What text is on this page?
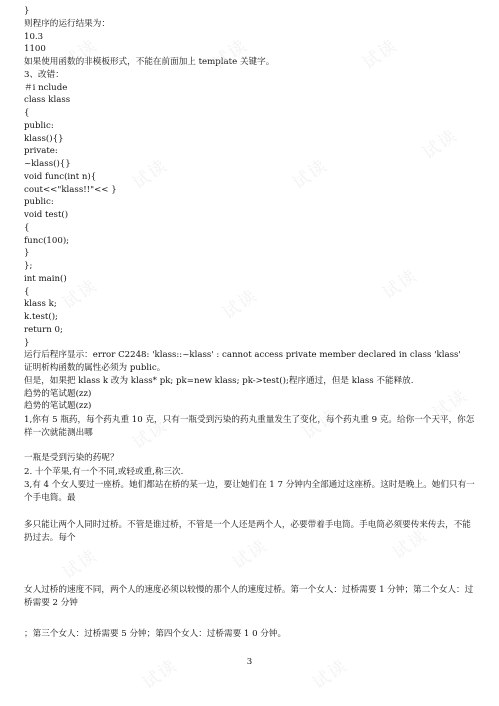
}
则程序的运行结果为：
10.3
1100
如果使用函数的非模板形式，不能在前面加上 template 关键字。
3、改错：
＃i nclude
class klass
{
public:
klass(){}
private:
~klass(){}
void func(int n){
cout<<"klass!!"<< }
public:
void test()
{
func(100);
}
};
int main()
{
klass k;
k.test();
return 0;
}
运行后程序显示：error C2248: 'klass::~klass' : cannot access private member declared in class 'klass'
证明析构函数的属性必须为 public。
但是，如果把 klass k 改为 klass* pk; pk=new klass; pk->test();程序通过，但是 klass 不能释放.
趋势的笔试题(zz)
趋势的笔试题(zz)
1,你有 5 瓶药，每个药丸重 10 克，只有一瓶受到污染的药丸重量发生了变化，每个药丸重 9 克。给你一个天平，你怎样一次就能测出哪
一瓶是受到污染的药呢？
2. 十个苹果,有一个不同,或轻或重,称三次.
3,有 4 个女人要过一座桥。她们都站在桥的某一边，要让她们在 1 7 分钟内全部通过这座桥。这时是晚上。她们只有一个手电筒。最
多只能让两个人同时过桥。不管是谁过桥，不管是一个人还是两个人，必要带着手电筒。手电筒必须要传来传去，不能扔过去。每个
女人过桥的速度不同，两个人的速度必须以较慢的那个人的速度过桥。第一个女人：过桥需要 1 分钟；第二个女人：过桥需要 2 分钟
；第三个女人：过桥需要 5 分钟；第四个女人：过桥需要 1 0 分钟。
3
试读	试读	试读
试读	试读
试读
试读	试读
试读
试读	试读
试读
试读	试读	试读
试读	试读
